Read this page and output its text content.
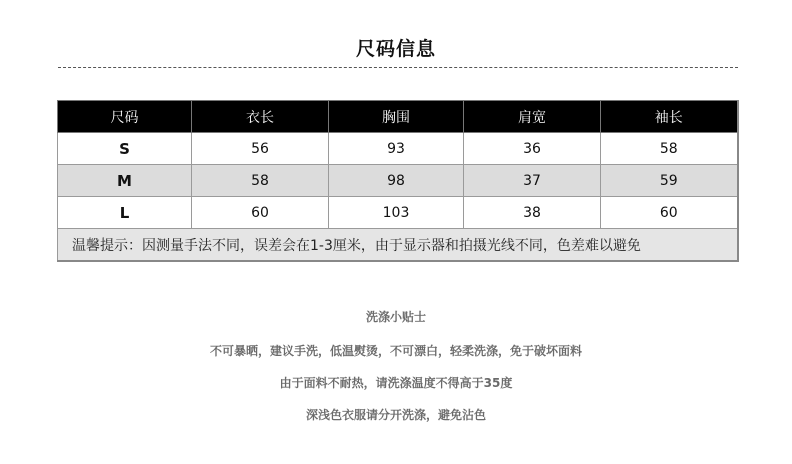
尺码信息
尺码	衣长	胸围	肩宽	袖长
S	56	93	36	58
M	58	98	37	59
L	60	103	38	60
温馨提示：因测量手法不同，误差会在1-3厘米，由于显示器和拍摄光线不同，色差难以避免				
洗涤小贴士
不可暴晒，建议手洗，低温熨烫，不可漂白，轻柔洗涤，免于破坏面料
由于面料不耐热，请洗涤温度不得高于35度
深浅色衣服请分开洗涤，避免沾色
